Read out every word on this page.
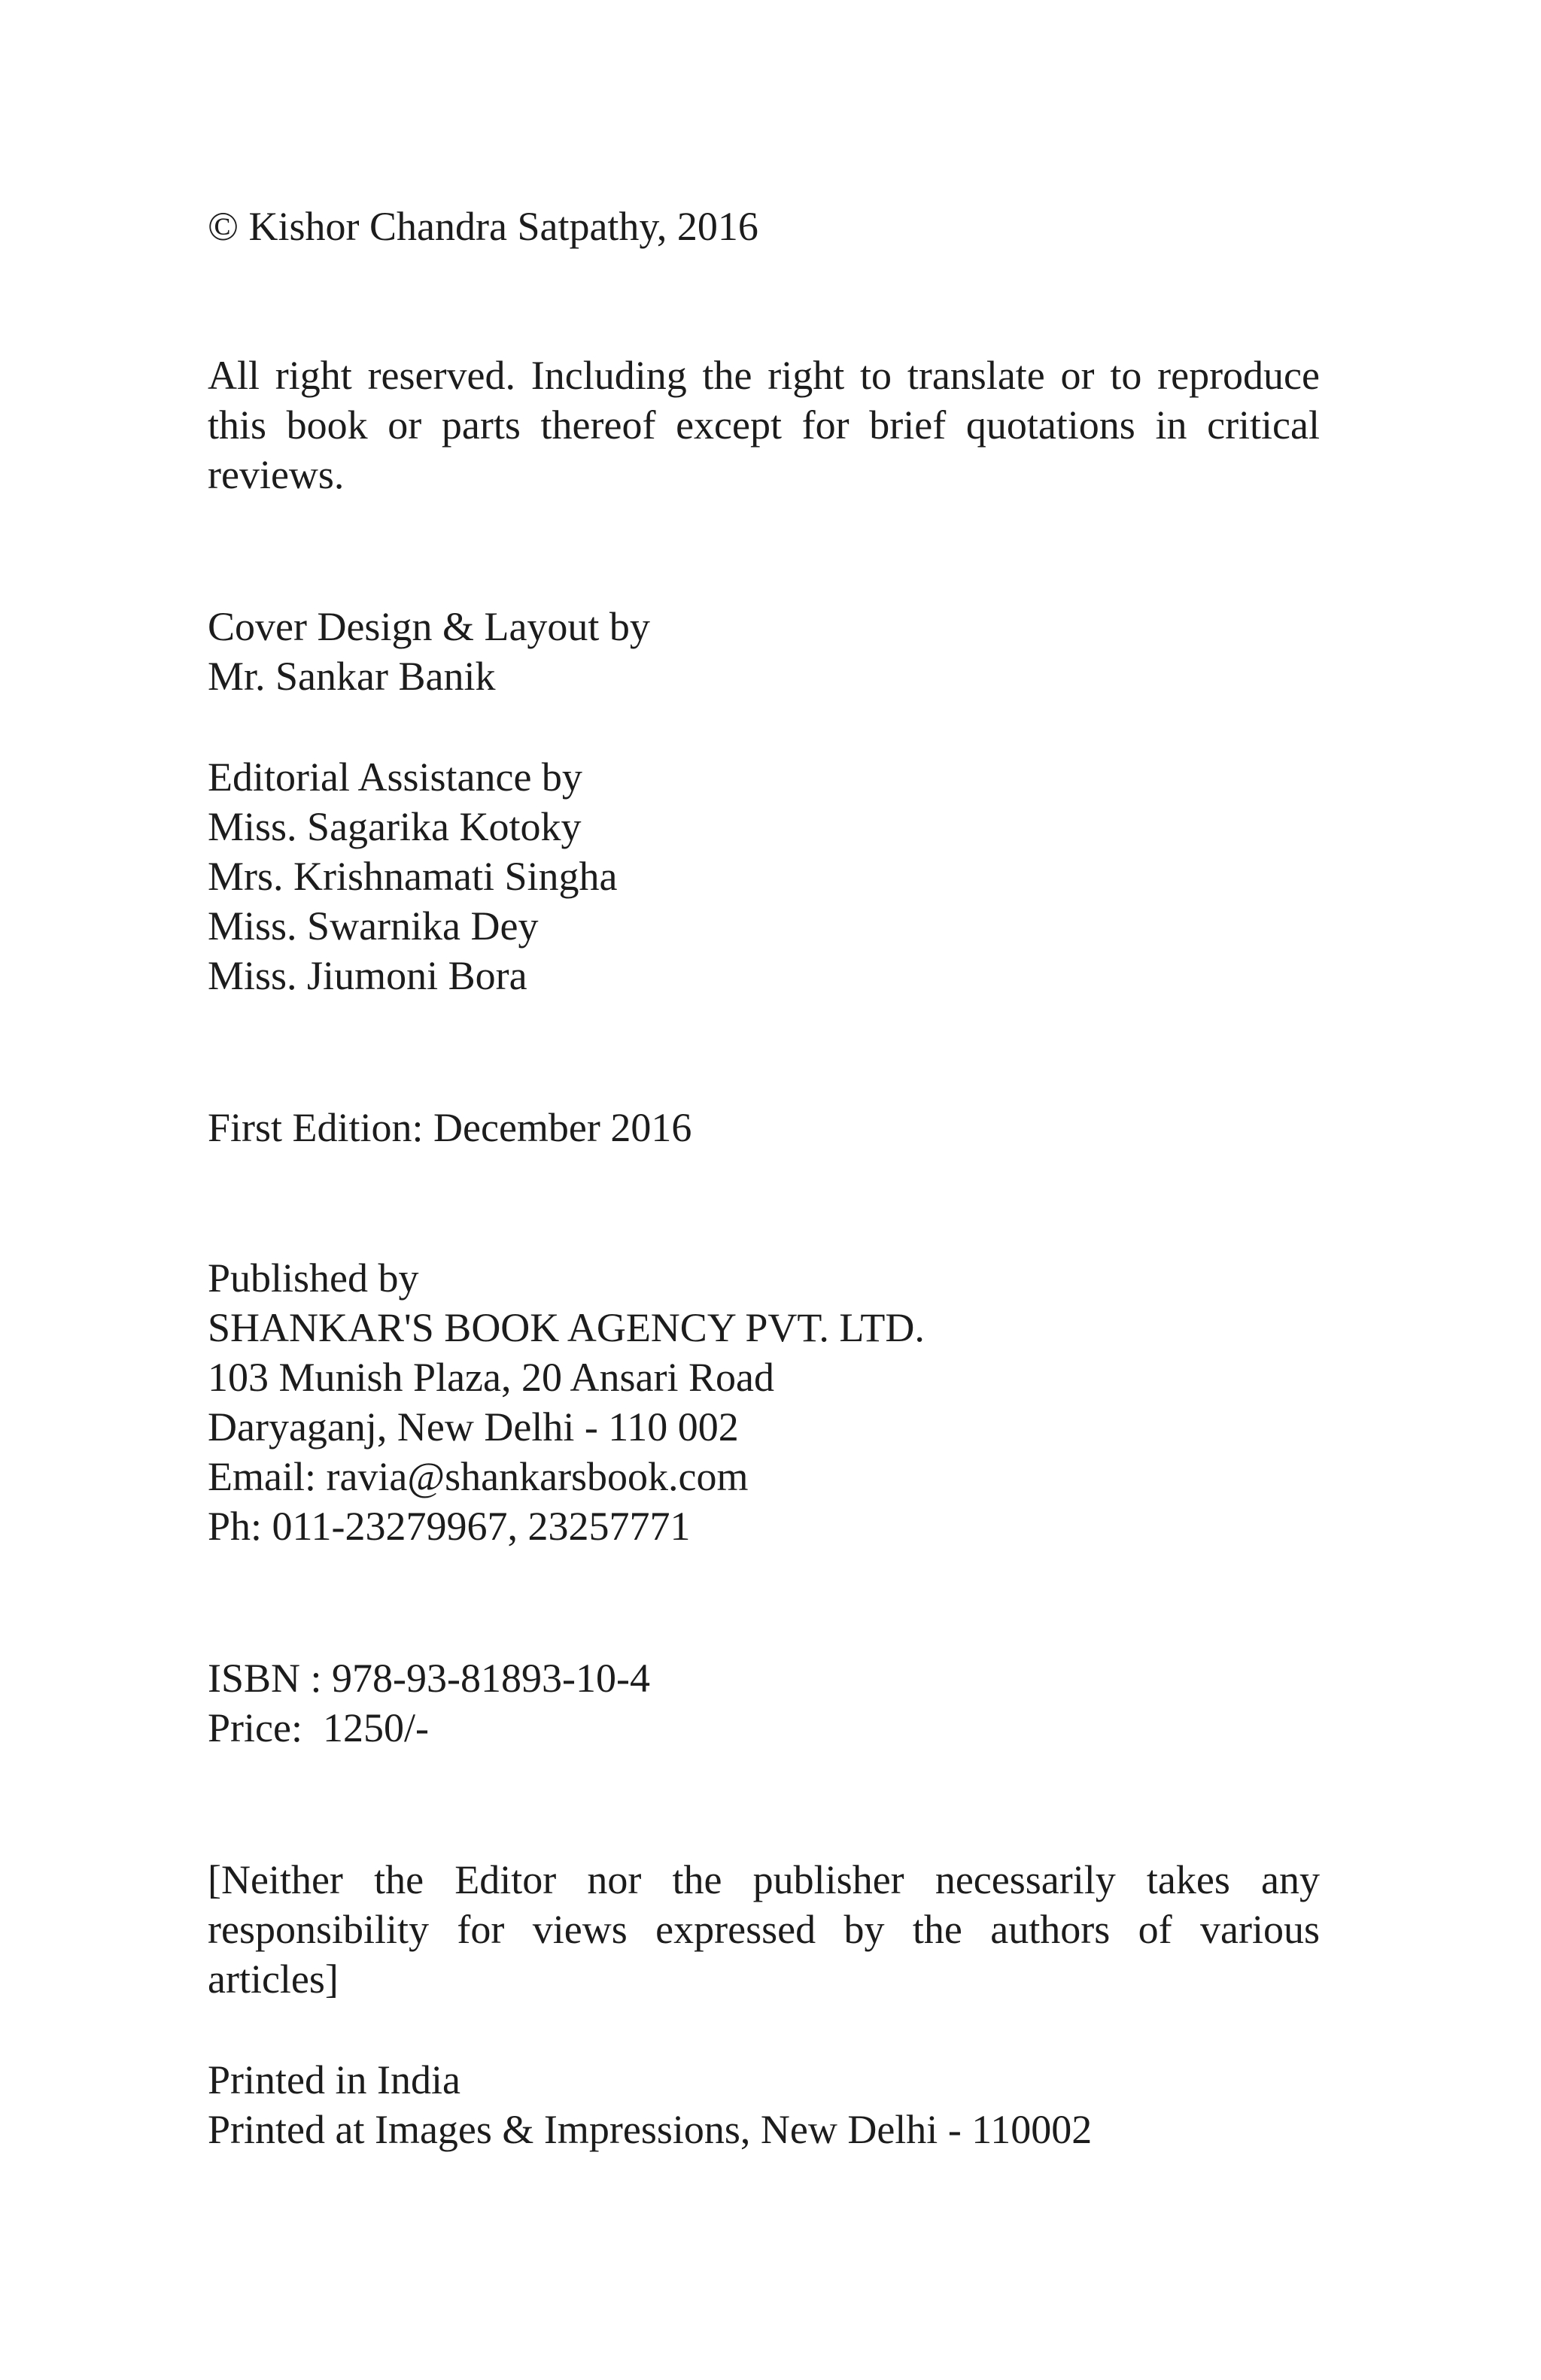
© Kishor Chandra Satpathy, 2016
All right reserved. Including the right to translate or to reproduce
this book or parts thereof except for brief quotations in critical
reviews.
Cover Design & Layout by
Mr. Sankar Banik
Editorial Assistance by
Miss. Sagarika Kotoky
Mrs. Krishnamati Singha
Miss. Swarnika Dey
Miss. Jiumoni Bora
First Edition: December 2016
Published by
SHANKAR'S BOOK AGENCY PVT. LTD.
103 Munish Plaza, 20 Ansari Road
Daryaganj, New Delhi - 110 002
Email: ravia@shankarsbook.com
Ph: 011-23279967, 23257771
ISBN : 978-93-81893-10-4
Price:  1250/-
[Neither the Editor nor the publisher necessarily takes any
responsibility for views expressed by the authors of various
articles]
Printed in India
Printed at Images & Impressions, New Delhi - 110002
